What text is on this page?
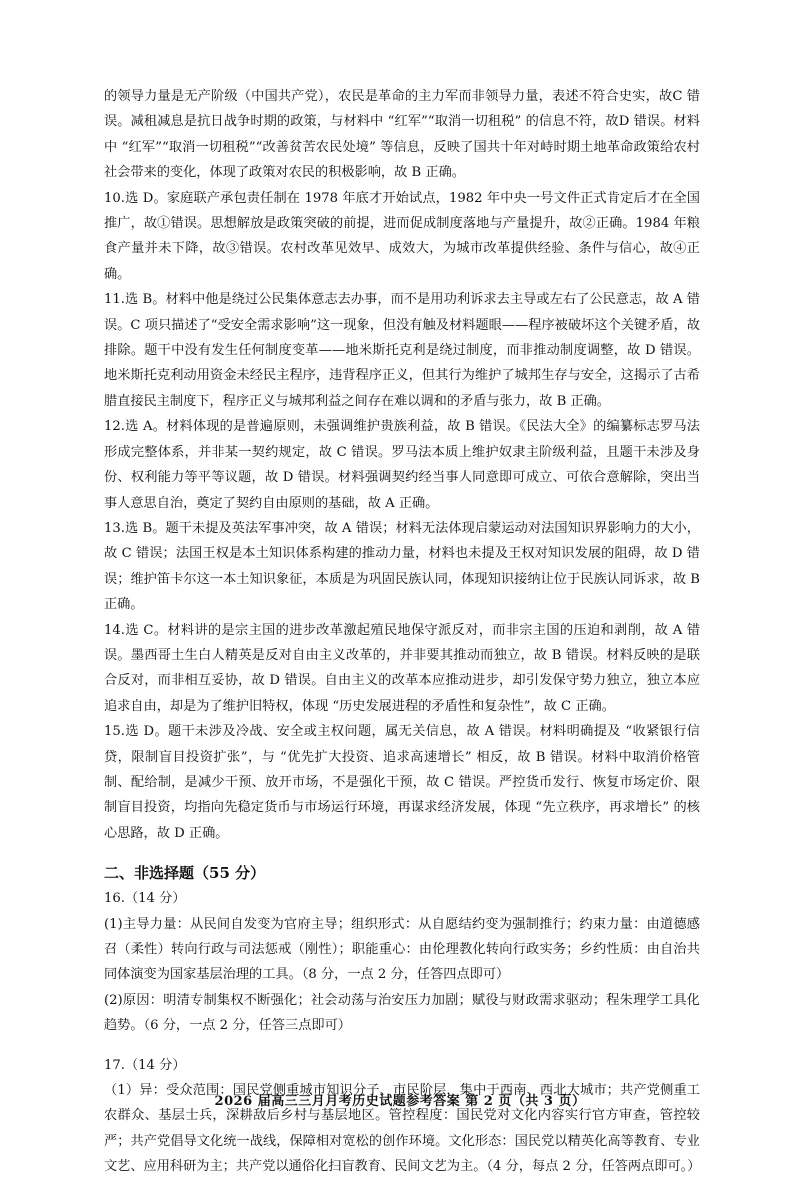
的领导力量是无产阶级（中国共产党），农民是革命的主力军而非领导力量，表述不符合史实，故C 错误。减租减息是抗日战争时期的政策，与材料中 “红军”“取消一切租税” 的信息不符，故D 错误。材料中 “红军”“取消一切租税”“改善贫苦农民处境” 等信息，反映了国共十年对峙时期土地革命政策给农村社会带来的变化，体现了政策对农民的积极影响，故 B 正确。

10.选 D。家庭联产承包责任制在 1978 年底才开始试点，1982 年中央一号文件正式肯定后才在全国推广，故①错误。思想解放是政策突破的前提，进而促成制度落地与产量提升，故②正确。1984 年粮食产量并未下降，故③错误。农村改革见效早、成效大，为城市改革提供经验、条件与信心，故④正确。

11.选 B。材料中他是绕过公民集体意志去办事，而不是用功利诉求去主导或左右了公民意志，故 A 错误。C 项只描述了“受安全需求影响”这一现象，但没有触及材料题眼——程序被破坏这个关键矛盾，故排除。题干中没有发生任何制度变革——地米斯托克利是绕过制度，而非推动制度调整，故 D 错误。地米斯托克利动用资金未经民主程序，违背程序正义，但其行为维护了城邦生存与安全，这揭示了古希腊直接民主制度下，程序正义与城邦利益之间存在难以调和的矛盾与张力，故 B 正确。

12.选 A。材料体现的是普遍原则，未强调维护贵族利益，故 B 错误。《民法大全》的编纂标志罗马法形成完整体系，并非某一契约规定，故 C 错误。罗马法本质上维护奴隶主阶级利益，且题干未涉及身份、权利能力等平等议题，故 D 错误。材料强调契约经当事人同意即可成立、可依合意解除，突出当事人意思自治，奠定了契约自由原则的基础，故 A 正确。

13.选 B。题干未提及英法军事冲突，故 A 错误；材料无法体现启蒙运动对法国知识界影响力的大小，故 C 错误；法国王权是本土知识体系构建的推动力量，材料也未提及王权对知识发展的阻碍，故 D 错误；维护笛卡尔这一本土知识象征，本质是为巩固民族认同，体现知识接纳让位于民族认同诉求，故 B 正确。

14.选 C。材料讲的是宗主国的进步改革激起殖民地保守派反对，而非宗主国的压迫和剥削，故 A 错误。墨西哥土生白人精英是反对自由主义改革的，并非要其推动而独立，故 B 错误。材料反映的是联合反对，而非相互妥协，故 D 错误。自由主义的改革本应推动进步，却引发保守势力独立，独立本应追求自由，却是为了维护旧特权，体现 “历史发展进程的矛盾性和复杂性”，故 C 正确。

15.选 D。题干未涉及冷战、安全或主权问题，属无关信息，故 A 错误。材料明确提及 “收紧银行信贷，限制盲目投资扩张”，与 “优先扩大投资、追求高速增长” 相反，故 B 错误。材料中取消价格管制、配给制，是减少干预、放开市场，不是强化干预，故 C 错误。严控货币发行、恢复市场定价、限制盲目投资，均指向先稳定货币与市场运行环境，再谋求经济发展，体现 “先立秩序，再求增长” 的核心思路，故 D 正确。

二、非选择题（55 分）

16.（14 分）

(1)主导力量：从民间自发变为官府主导；组织形式：从自愿结约变为强制推行；约束力量：由道德感召（柔性）转向行政与司法惩戒（刚性）；职能重心：由伦理教化转向行政实务；乡约性质：由自治共同体演变为国家基层治理的工具。（8 分，一点 2 分，任答四点即可）

(2)原因：明清专制集权不断强化；社会动荡与治安压力加剧；赋役与财政需求驱动；程朱理学工具化趋势。（6 分，一点 2 分，任答三点即可）

17.（14 分）

（1）异：受众范围：国民党侧重城市知识分子、市民阶层，集中于西南、西北大城市；共产党侧重工农群众、基层士兵，深耕敌后乡村与基层地区。管控程度：国民党对文化内容实行官方审查，管控较严；共产党倡导文化统一战线，保障相对宽松的创作环境。文化形态：国民党以精英化高等教育、专业文艺、应用科研为主；共产党以通俗化扫盲教育、民间文艺为主。（4 分，每点 2 分，任答两点即可。）

2026 届高三三月月考历史试题参考答案 第 2 页（共 3 页）
